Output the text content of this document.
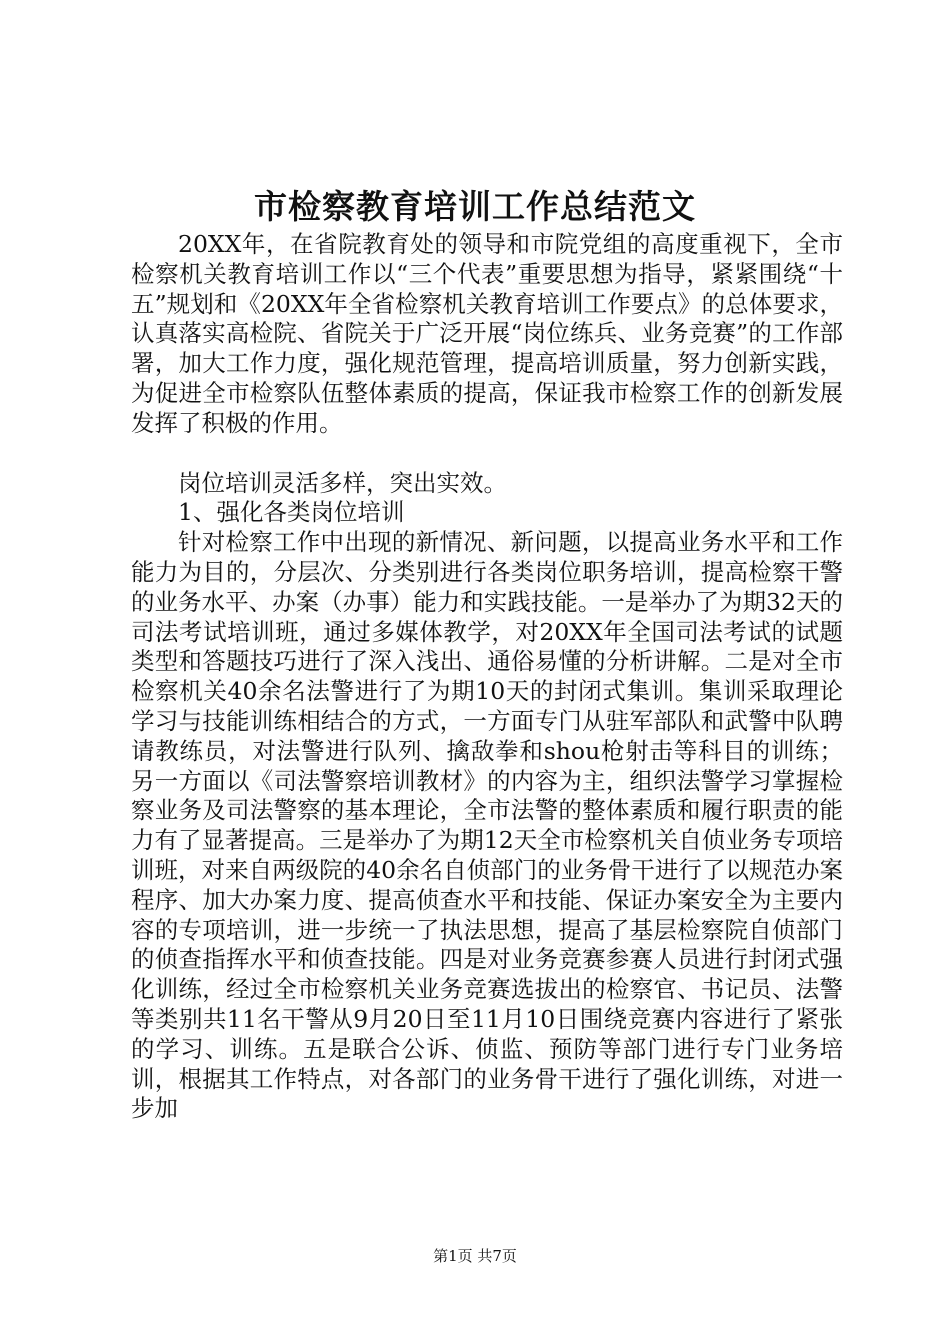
市检察教育培训工作总结范文

20XX年，在省院教育处的领导和市院党组的高度重视下，全市检察机关教育培训工作以“三个代表”重要思想为指导，紧紧围绕“十五”规划和《20XX年全省检察机关教育培训工作要点》的总体要求，认真落实高检院、省院关于广泛开展“岗位练兵、业务竞赛”的工作部署，加大工作力度，强化规范管理，提高培训质量，努力创新实践，为促进全市检察队伍整体素质的提高，保证我市检察工作的创新发展发挥了积极的作用。

岗位培训灵活多样，突出实效。

1、强化各类岗位培训

针对检察工作中出现的新情况、新问题，以提高业务水平和工作能力为目的，分层次、分类别进行各类岗位职务培训，提高检察干警的业务水平、办案（办事）能力和实践技能。一是举办了为期32天的司法考试培训班，通过多媒体教学，对20XX年全国司法考试的试题类型和答题技巧进行了深入浅出、通俗易懂的分析讲解。二是对全市检察机关40余名法警进行了为期10天的封闭式集训。集训采取理论学习与技能训练相结合的方式，一方面专门从驻军部队和武警中队聘请教练员，对法警进行队列、擒敌拳和shou枪射击等科目的训练；另一方面以《司法警察培训教材》的内容为主，组织法警学习掌握检察业务及司法警察的基本理论，全市法警的整体素质和履行职责的能力有了显著提高。三是举办了为期12天全市检察机关自侦业务专项培训班，对来自两级院的40余名自侦部门的业务骨干进行了以规范办案程序、加大办案力度、提高侦查水平和技能、保证办案安全为主要内容的专项培训，进一步统一了执法思想，提高了基层检察院自侦部门的侦查指挥水平和侦查技能。四是对业务竞赛参赛人员进行封闭式强化训练，经过全市检察机关业务竞赛选拔出的检察官、书记员、法警等类别共11名干警从9月20日至11月10日围绕竞赛内容进行了紧张的学习、训练。五是联合公诉、侦监、预防等部门进行专门业务培训，根据其工作特点，对各部门的业务骨干进行了强化训练，对进一步加

第1页 共7页
